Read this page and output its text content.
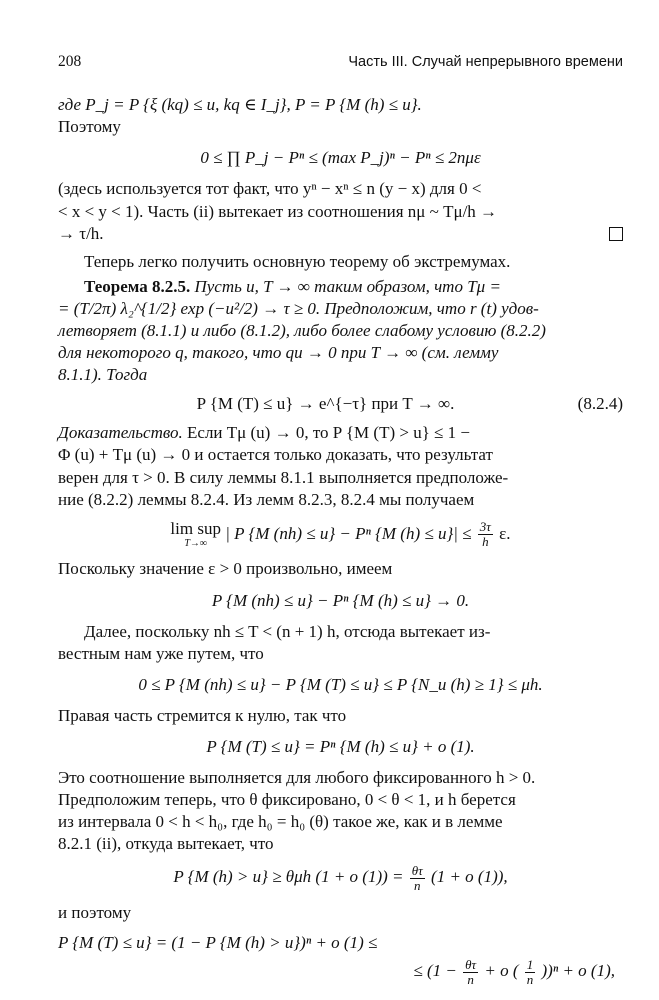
208	Часть III. Случай непрерывного времени

где P_j = P {ξ (kq) ≤ u, kq ∈ I_j}, P = P {M (h) ≤ u}.

Поэтому

0 ≤ ∏ P_j − Pⁿ ≤ (max P_j)ⁿ − Pⁿ ≤ 2nμε

(здесь используется тот факт, что yⁿ − xⁿ ≤ n (y − x) для 0 <

< x < y < 1). Часть (ii) вытекает из соотношения nμ ~ Tμ/h →

→ τ/h.

Теперь легко получить основную теорему об экстремумах.

Теорема 8.2.5. Пусть u, T → ∞ таким образом, что Tμ =

= (T/2π) λ₂^{1/2} exp (−u²/2) → τ ≥ 0. Предположим, что r (t) удов-

летворяет (8.1.1) и либо (8.1.2), либо более слабому условию (8.2.2)

для некоторого q, такого, что qu → 0 при T → ∞ (см. лемму

8.1.1). Тогда

P {M (T) ≤ u} → e^{−τ} при T → ∞.	(8.2.4)

Доказательство. Если Tμ (u) → 0, то P {M (T) > u} ≤ 1 −

Φ (u) + Tμ (u) → 0 и остается только доказать, что результат

верен для τ > 0. В силу леммы 8.1.1 выполняется предположе-

ние (8.2.2) леммы 8.2.4. Из лемм 8.2.3, 8.2.4 мы получаем

lim sup
T→∞
| P {M (nh) ≤ u} − Pⁿ {M $(h) \le u\}| \le \frac{3\tau}{h} \varepsilon$.

Поскольку значение ε > 0 произвольно, имеем

P {M (nh) ≤ u} − Pⁿ {M (h) ≤ u} → 0.

Далее, поскольку nh ≤ T < (n + 1) h, отсюда вытекает из-

вестным нам уже путем, что

0 ≤ P {M (nh) ≤ u} − P {M (T) ≤ u} ≤ P {N_u (h) ≥ 1} ≤ μh.

Правая часть стремится к нулю, так что

P {M (T) ≤ u} = Pⁿ {M (h) ≤ u} + o (1).

Это соотношение выполняется для любого фиксированного h > 0.

Предположим теперь, что θ фиксировано, 0 < θ < 1, и h берется

из интервала 0 < h < h₀, где h₀ = h₀ (θ) такое же, как и в лемме

8.2.1 (ii), откуда вытекает, что

P {M (h) > u} ≥ θμh (1 + o $(1)) = \frac{\theta\tau}{n} (1 + o$ (1)),

и поэтому

P {M (T) ≤ u} = (1 − P {M (h) > u})ⁿ + o (1) ≤
≤ ($1 - \frac{\theta\tau}{n} + o$ ( $\frac{1}{n} ))^n + o$ (1),
